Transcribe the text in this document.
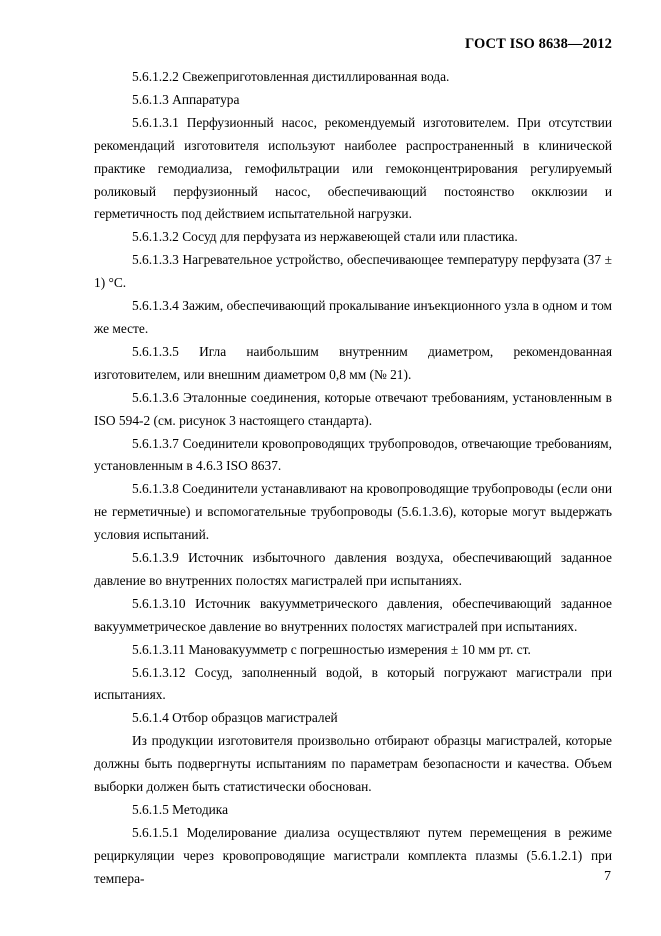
ГОСТ ISO 8638—2012

5.6.1.2.2 Свежеприготовленная дистиллированная вода.

5.6.1.3 Аппаратура

5.6.1.3.1 Перфузионный насос, рекомендуемый изготовителем. При отсутствии рекомендаций изготовителя используют наиболее распространенный в клинической практике гемодиализа, гемофильтрации или гемоконцентрирования регулируемый роликовый перфузионный насос, обеспечивающий постоянство окклюзии и герметичность под действием испытательной нагрузки.

5.6.1.3.2 Сосуд для перфузата из нержавеющей стали или пластика.

5.6.1.3.3 Нагревательное устройство, обеспечивающее температуру перфузата (37 ± 1) °С.

5.6.1.3.4 Зажим, обеспечивающий прокалывание инъекционного узла в одном и том же месте.

5.6.1.3.5 Игла наибольшим внутренним диаметром, рекомендованная изготовителем, или внешним диаметром 0,8 мм (№ 21).

5.6.1.3.6 Эталонные соединения, которые отвечают требованиям, установленным в ISO 594-2 (см. рисунок 3 настоящего стандарта).

5.6.1.3.7 Соединители кровопроводящих трубопроводов, отвечающие требованиям, установленным в 4.6.3 ISO 8637.

5.6.1.3.8 Соединители устанавливают на кровопроводящие трубопроводы (если они не герметичные) и вспомогательные трубопроводы (5.6.1.3.6), которые могут выдержать условия испытаний.

5.6.1.3.9 Источник избыточного давления воздуха, обеспечивающий заданное давление во внутренних полостях магистралей при испытаниях.

5.6.1.3.10 Источник вакуумметрического давления, обеспечивающий заданное вакуумметрическое давление во внутренних полостях магистралей при испытаниях.

5.6.1.3.11 Мановакуумметр с погрешностью измерения ± 10 мм рт. ст.

5.6.1.3.12 Сосуд, заполненный водой, в который погружают магистрали при испытаниях.

5.6.1.4 Отбор образцов магистралей

Из продукции изготовителя произвольно отбирают образцы магистралей, которые должны быть подвергнуты испытаниям по параметрам безопасности и качества. Объем выборки должен быть статистически обоснован.

5.6.1.5 Методика

5.6.1.5.1 Моделирование диализа осуществляют путем перемещения в режиме рециркуляции через кровопроводящие магистрали комплекта плазмы (5.6.1.2.1) при темпера-	7
